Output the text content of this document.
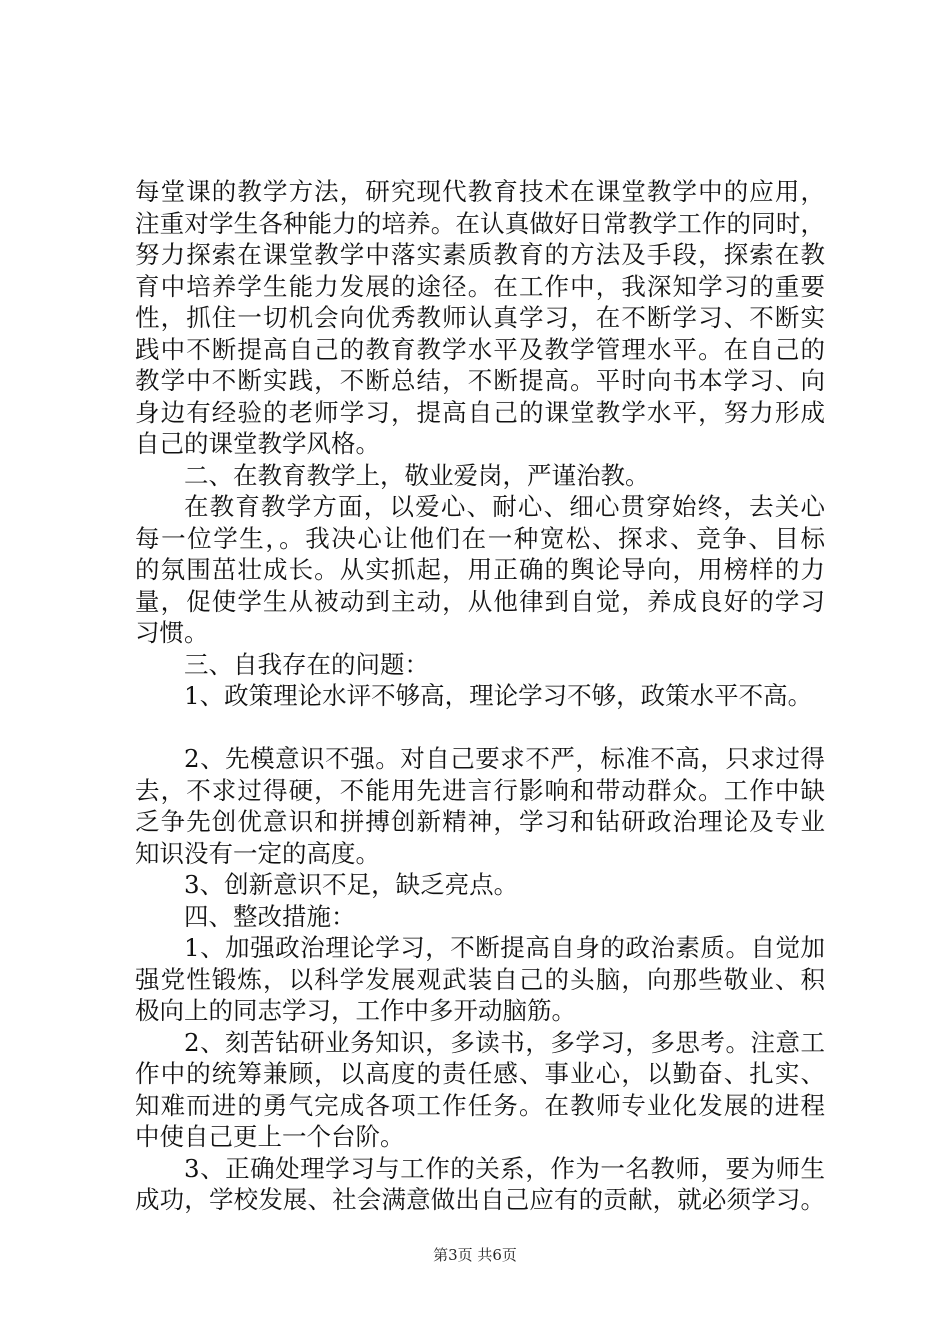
每堂课的教学方法，研究现代教育技术在课堂教学中的应用，
注重对学生各种能力的培养。在认真做好日常教学工作的同时，
努力探索在课堂教学中落实素质教育的方法及手段，探索在教
育中培养学生能力发展的途径。在工作中，我深知学习的重要
性，抓住一切机会向优秀教师认真学习，在不断学习、不断实
践中不断提高自己的教育教学水平及教学管理水平。在自己的
教学中不断实践，不断总结，不断提高。平时向书本学习、向
身边有经验的老师学习，提高自己的课堂教学水平，努力形成
自己的课堂教学风格。
二、在教育教学上，敬业爱岗，严谨治教。
在教育教学方面，以爱心、耐心、细心贯穿始终，去关心
每一位学生，。我决心让他们在一种宽松、探求、竞争、目标
的氛围茁壮成长。从实抓起，用正确的舆论导向，用榜样的力
量，促使学生从被动到主动，从他律到自觉，养成良好的学习
习惯。
三、自我存在的问题：
1、政策理论水评不够高，理论学习不够，政策水平不高。
2、先模意识不强。对自己要求不严，标准不高，只求过得
去，不求过得硬，不能用先进言行影响和带动群众。工作中缺
乏争先创优意识和拼搏创新精神，学习和钻研政治理论及专业
知识没有一定的高度。
3、创新意识不足，缺乏亮点。
四、整改措施：
1、加强政治理论学习，不断提高自身的政治素质。自觉加
强党性锻炼，以科学发展观武装自己的头脑，向那些敬业、积
极向上的同志学习，工作中多开动脑筋。
2、刻苦钻研业务知识，多读书，多学习，多思考。注意工
作中的统筹兼顾，以高度的责任感、事业心，以勤奋、扎实、
知难而进的勇气完成各项工作任务。在教师专业化发展的进程
中使自己更上一个台阶。
3、正确处理学习与工作的关系，作为一名教师，要为师生
成功，学校发展、社会满意做出自己应有的贡献，就必须学习。
第3页 共6页
